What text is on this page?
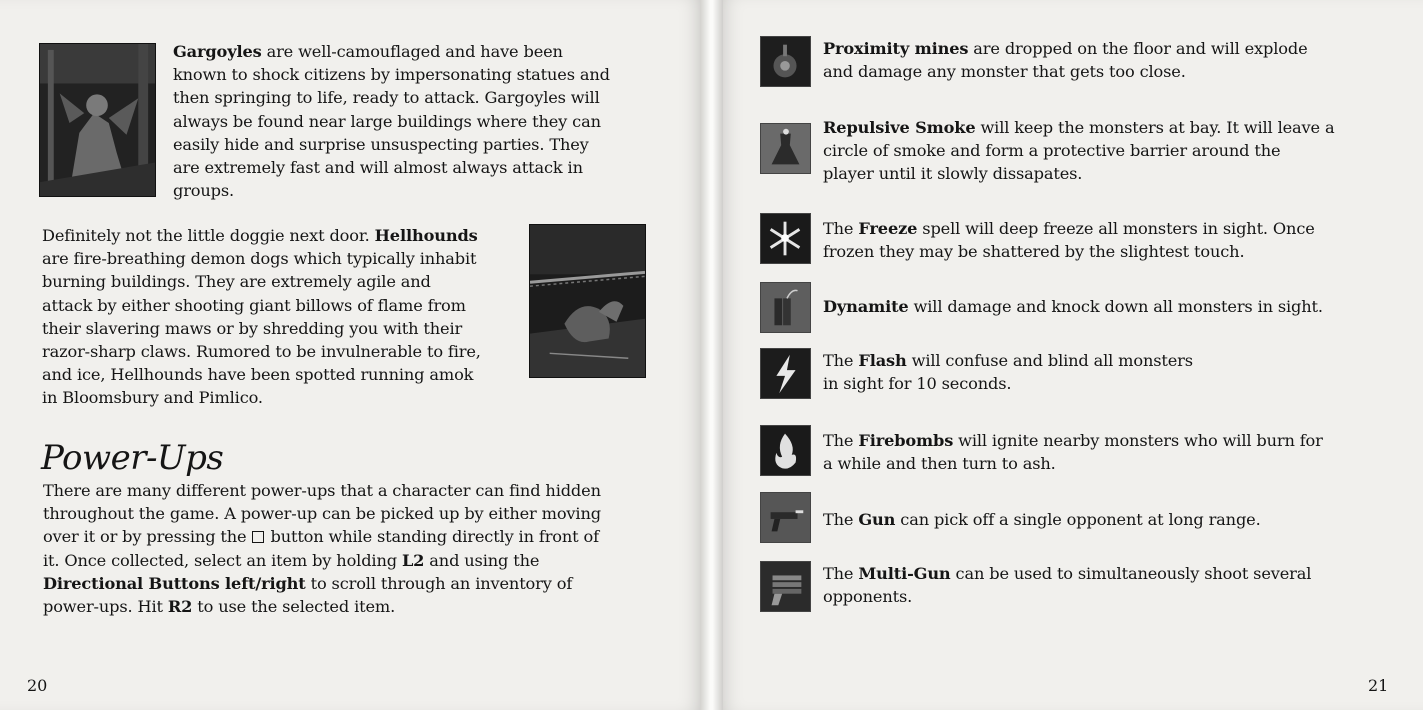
Gargoyles are well-camouflaged and have been
known to shock citizens by impersonating statues and
then springing to life, ready to attack. Gargoyles will
always be found near large buildings where they can
easily hide and surprise unsuspecting parties. They
are extremely fast and will almost always attack in
groups.

Definitely not the little doggie next door. Hellhounds
are fire-breathing demon dogs which typically inhabit
burning buildings. They are extremely agile and
attack by either shooting giant billows of flame from
their slavering maws or by shredding you with their
razor-sharp claws. Rumored to be invulnerable to fire,
and ice, Hellhounds have been spotted running amok
in Bloomsbury and Pimlico.

Power-Ups

There are many different power-ups that a character can find hidden
throughout the game. A power-up can be picked up by either moving
over it or by pressing the  button while standing directly in front of
it. Once collected, select an item by holding L2 and using the
Directional Buttons left/right to scroll through an inventory of
power-ups. Hit R2 to use the selected item.

20

Proximity mines are dropped on the floor and will explode
and damage any monster that gets too close.

Repulsive Smoke will keep the monsters at bay. It will leave a
circle of smoke and form a protective barrier around the
player until it slowly dissapates.

The Freeze spell will deep freeze all monsters in sight. Once
frozen they may be shattered by the slightest touch.

Dynamite will damage and knock down all monsters in sight.

The Flash will confuse and blind all monsters
in sight for 10 seconds.

The Firebombs will ignite nearby monsters who will burn for
a while and then turn to ash.

The Gun can pick off a single opponent at long range.

The Multi-Gun can be used to simultaneously shoot several
opponents.

21
